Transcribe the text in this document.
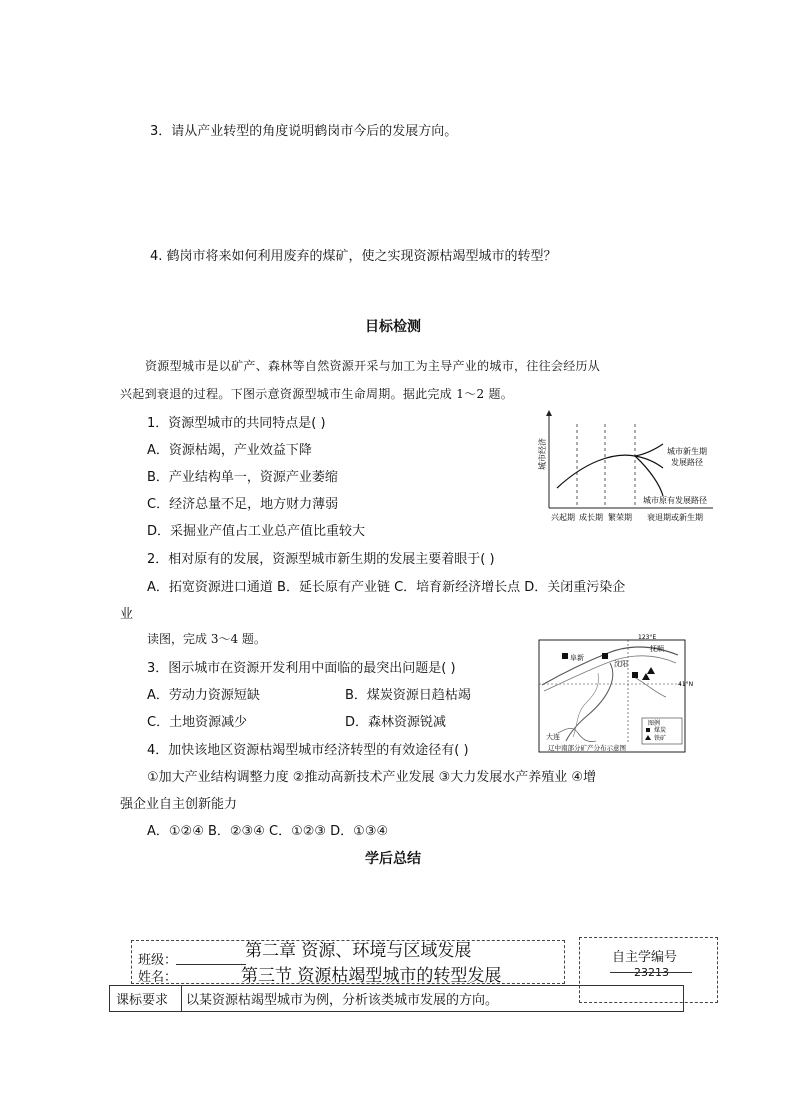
3．请从产业转型的角度说明鹤岗市今后的发展方向。
4. 鹤岗市将来如何利用废弃的煤矿，使之实现资源枯竭型城市的转型？
目标检测
资源型城市是以矿产、森林等自然资源开采与加工为主导产业的城市，往往会经历从
兴起到衰退的过程。下图示意资源型城市生命周期。据此完成 1～2 题。
1．资源型城市的共同特点是( )
A．资源枯竭，产业效益下降
B．产业结构单一，资源产业萎缩
C．经济总量不足，地方财力薄弱
D．采掘业产值占工业总产值比重较大
城市经济	城市新生期
发展路径
城市原有发展路径
兴起期 成长期 繁荣期 衰退期或新生期
2．相对原有的发展，资源型城市新生期的发展主要着眼于( )
A．拓宽资源进口通道 B．延长原有产业链 C．培育新经济增长点 D．关闭重污染企
业
读图，完成 3～4 题。
3．图示城市在资源开发利用中面临的最突出问题是( )
A．劳动力资源短缺	B．煤炭资源日趋枯竭
C．土地资源减少	D．森林资源锐减
123°E
41°N
阜新
抚顺
沈阳
大连
图例
煤炭
铁矿
辽中南部分矿产分布示意图
4．加快该地区资源枯竭型城市经济转型的有效途径有( )
①加大产业结构调整力度 ②推动高新技术产业发展 ③大力发展水产养殖业 ④增
强企业自主创新能力
A．①②④ B．②③④ C．①②③ D．①③④
学后总结
第二章 资源、环境与区域发展
第三节 资源枯竭型城市的转型发展
班级：
姓名：
自主学编号
23213
课标要求 以某资源枯竭型城市为例，分析该类城市发展的方向。
